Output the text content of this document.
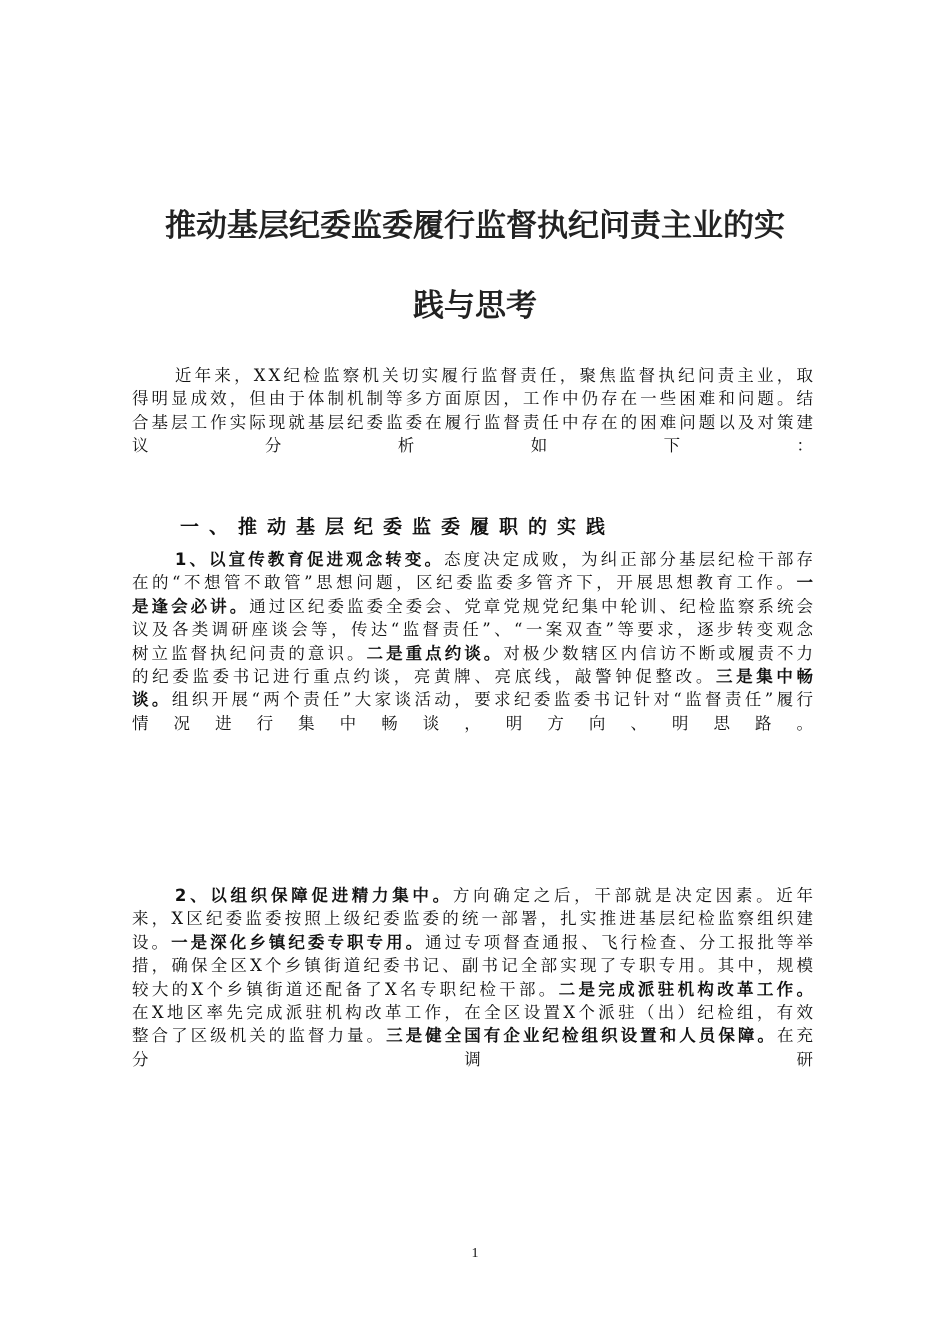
推动基层纪委监委履行监督执纪问责主业的实
践与思考

近年来，XX纪检监察机关切实履行监督责任，聚焦监督执纪问责主业，取得明显成效，但由于体制机制等多方面原因，工作中仍存在一些困难和问题。结合基层工作实际现就基层纪委监委在履行监督责任中存在的困难问题以及对策建议分析如下：

一、推动基层纪委监委履职的实践

1、以宣传教育促进观念转变。态度决定成败，为纠正部分基层纪检干部存在的“不想管不敢管”思想问题，区纪委监委多管齐下，开展思想教育工作。一是逢会必讲。通过区纪委监委全委会、党章党规党纪集中轮训、纪检监察系统会议及各类调研座谈会等，传达“监督责任”、“一案双查”等要求，逐步转变观念树立监督执纪问责的意识。二是重点约谈。对极少数辖区内信访不断或履责不力的纪委监委书记进行重点约谈，亮黄牌、亮底线，敲警钟促整改。三是集中畅谈。组织开展“两个责任”大家谈活动，要求纪委监委书记针对“监督责任”履行情况进行集中畅谈，明方向、明思路。

2、以组织保障促进精力集中。方向确定之后，干部就是决定因素。近年来，X区纪委监委按照上级纪委监委的统一部署，扎实推进基层纪检监察组织建设。一是深化乡镇纪委专职专用。通过专项督查通报、飞行检查、分工报批等举措，确保全区X个乡镇街道纪委书记、副书记全部实现了专职专用。其中，规模较大的X个乡镇街道还配备了X名专职纪检干部。二是完成派驻机构改革工作。在X地区率先完成派驻机构改革工作，在全区设置X个派驻（出）纪检组，有效整合了区级机关的监督力量。三是健全国有企业纪检组织设置和人员保障。在充分调研

1
